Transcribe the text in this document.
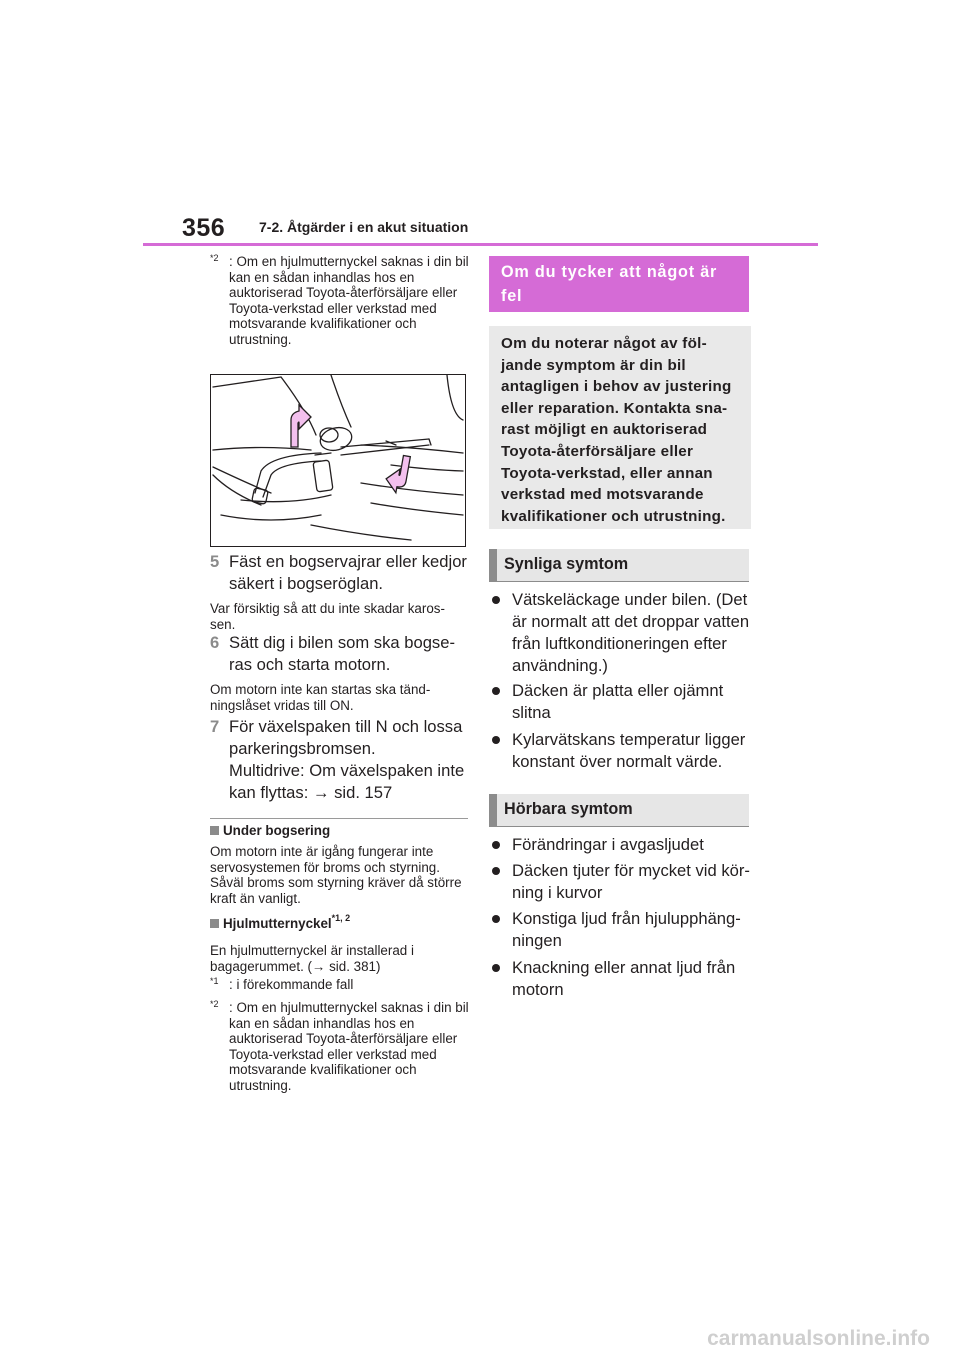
356 7-2. Åtgärder i en akut situation
$^{*2}$ : Om en hjulmutternyckel saknas i din bil kan en sådan inhandlas hos en auktoriserad Toyota-återförsäljare eller Toyota-verkstad eller verkstad med motsvarande kvalifikationer och utrustning.
5 Fäst en bogservajrar eller kedjor säkert i bogseröglan.
Var försiktig så att du inte skadar karos-sen.
6 Sätt dig i bilen som ska bogse-ras och starta motorn.
Om motorn inte kan startas ska tänd-ningslåset vridas till ON.
7 För växelspaken till N och lossa parkeringsbromsen.
Multidrive: Om växelspaken inte kan flyttas: → sid. 157
Under bogsering
Om motorn inte är igång fungerar inte servosystemen för broms och styrning. Såväl broms som styrning kräver då större kraft än vanligt.
Hjulmutternyckel$^{*1, 2}$
En hjulmutternyckel är installerad i bagagerummet. (→ sid. 381)
$^{*1}$ : i förekommande fall
$^{*2}$ : Om en hjulmutternyckel saknas i din bil kan en sådan inhandlas hos en auktoriserad Toyota-återförsäljare eller Toyota-verkstad eller verkstad med motsvarande kvalifikationer och utrustning.
Om du tycker att något är fel
Om du noterar något av föl-jande symptom är din bil antagligen i behov av justering eller reparation. Kontakta sna-rast möjligt en auktoriserad Toyota-återförsäljare eller Toyota-verkstad, eller annan verkstad med motsvarande kvalifikationer och utrustning.
Synliga symtom
Vätskeläckage under bilen. (Det är normalt att det droppar vatten från luftkonditioneringen efter användning.)
Däcken är platta eller ojämnt slitna
Kylarvätskans temperatur ligger konstant över normalt värde.
Hörbara symtom
Förändringar i avgasljudet
Däcken tjuter för mycket vid kör-ning i kurvor
Konstiga ljud från hjulupphäng-ningen
Knackning eller annat ljud från motorn
carmanualsonline.info
